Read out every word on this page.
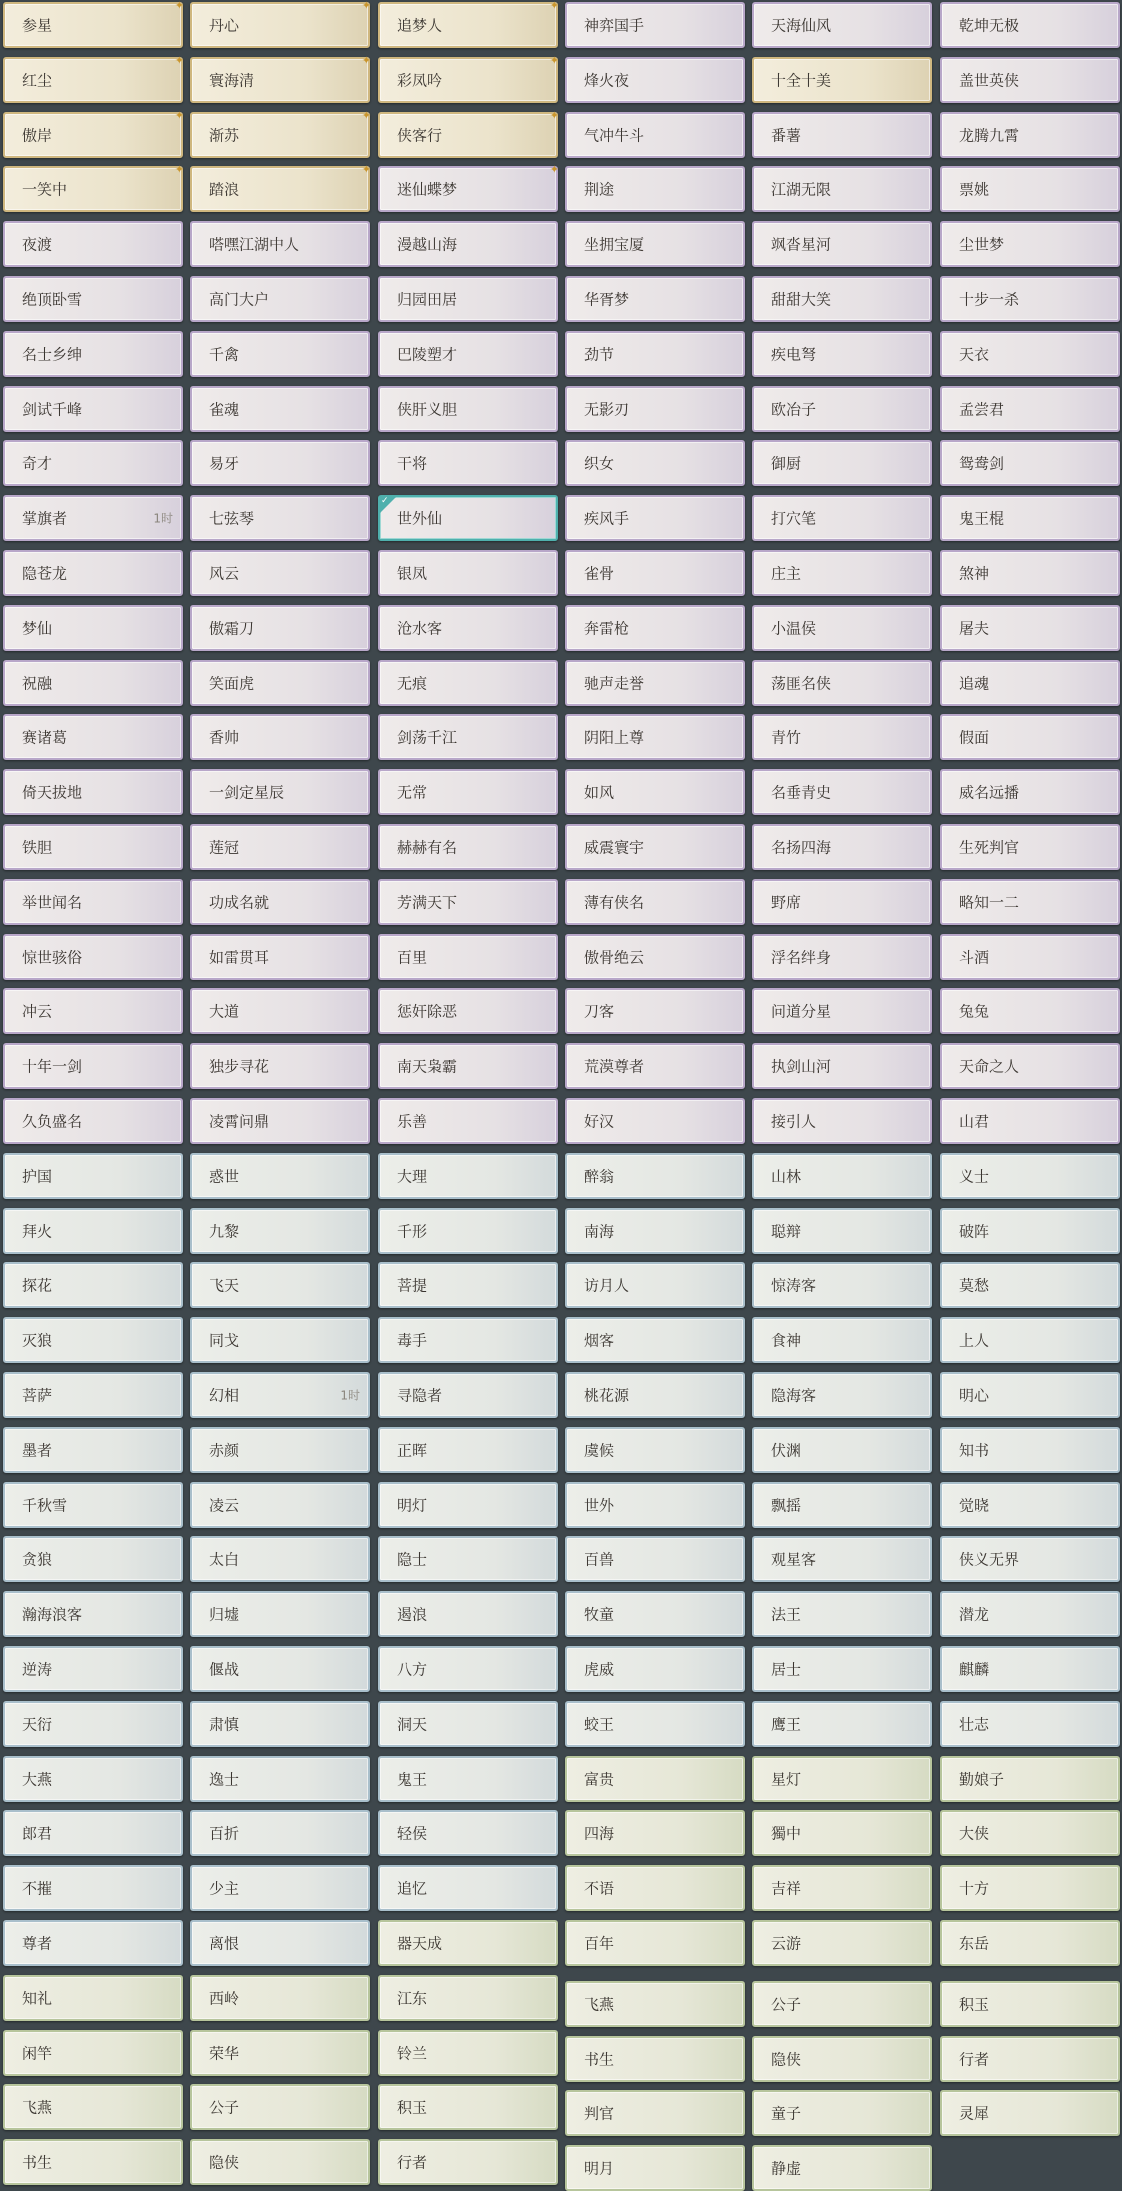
参星
✦
红尘
✦
傲岸
✦
一笑中
✦
夜渡
绝顶卧雪
名士乡绅
剑试千峰
奇才
掌旗者	1时
隐苍龙
梦仙
祝融
赛诸葛
倚天拔地
铁胆
举世闻名
惊世骇俗
冲云
十年一剑
久负盛名
护国
拜火
探花
灭狼
菩萨
墨者
千秋雪
贪狼
瀚海浪客
逆涛
天衍
大燕
郎君
不摧
尊者
知礼
闲竿
飞燕
书生
丹心
✦
寰海清
✦
渐苏
✦
踏浪
✦
嗒嘿江湖中人
高门大户
千禽
雀魂
易牙
七弦琴
风云
傲霜刀
笑面虎
香帅
一剑定星辰
莲冠
功成名就
如雷贯耳
大道
独步寻花
凌霄问鼎
惑世
九黎
飞天
同戈
幻相	1时
赤颜
凌云
太白
归墟
偃战
肃慎
逸士
百折
少主
离恨
西岭
荣华
公子
隐侠
追梦人
✦
彩凤吟
✦
侠客行
✦
迷仙蝶梦
✦
漫越山海
归园田居
巴陵塑才
侠肝义胆
干将
世外仙
✓
银凤
沧水客
无痕
剑荡千江
无常
赫赫有名
芳满天下
百里
惩奸除恶
南天枭霸
乐善
大理
千形
菩提
毒手
寻隐者
正晖
明灯
隐士
遏浪
八方
洞天
鬼王
轻侯
追忆
器天成
江东
铃兰
积玉
行者
神弈国手
烽火夜
气冲牛斗
荆途
坐拥宝厦
华胥梦
劲节
无影刃
织女
疾风手
雀骨
奔雷枪
驰声走誉
阴阳上尊
如风
威震寰宇
薄有侠名
傲骨绝云
刀客
荒漠尊者
好汉
醉翁
南海
访月人
烟客
桃花源
虞候
世外
百兽
牧童
虎威
蛟王
富贵
四海
不语
百年
飞燕
书生
判官
明月
天海仙风
十全十美
番薯
江湖无限
飒沓星河
甜甜大笑
疾电弩
欧冶子
御厨
打穴笔
庄主
小温侯
荡匪名侠
青竹
名垂青史
名扬四海
野席
浮名绊身
问道分星
执剑山河
接引人
山林
聪辩
惊涛客
食神
隐海客
伏渊
飘摇
观星客
法王
居士
鹰王
星灯
獨中
吉祥
云游
公子
隐侠
童子
静虚
乾坤无极
盖世英侠
龙腾九霄
票姚
尘世梦
十步一杀
天衣
孟尝君
鸳鸯剑
鬼王棍
煞神
屠夫
追魂
假面
威名远播
生死判官
略知一二
斗酒
兔兔
天命之人
山君
义士
破阵
莫愁
上人
明心
知书
觉晓
侠义无界
潜龙
麒麟
壮志
勤娘子
大侠
十方
东岳
积玉
行者
灵犀
